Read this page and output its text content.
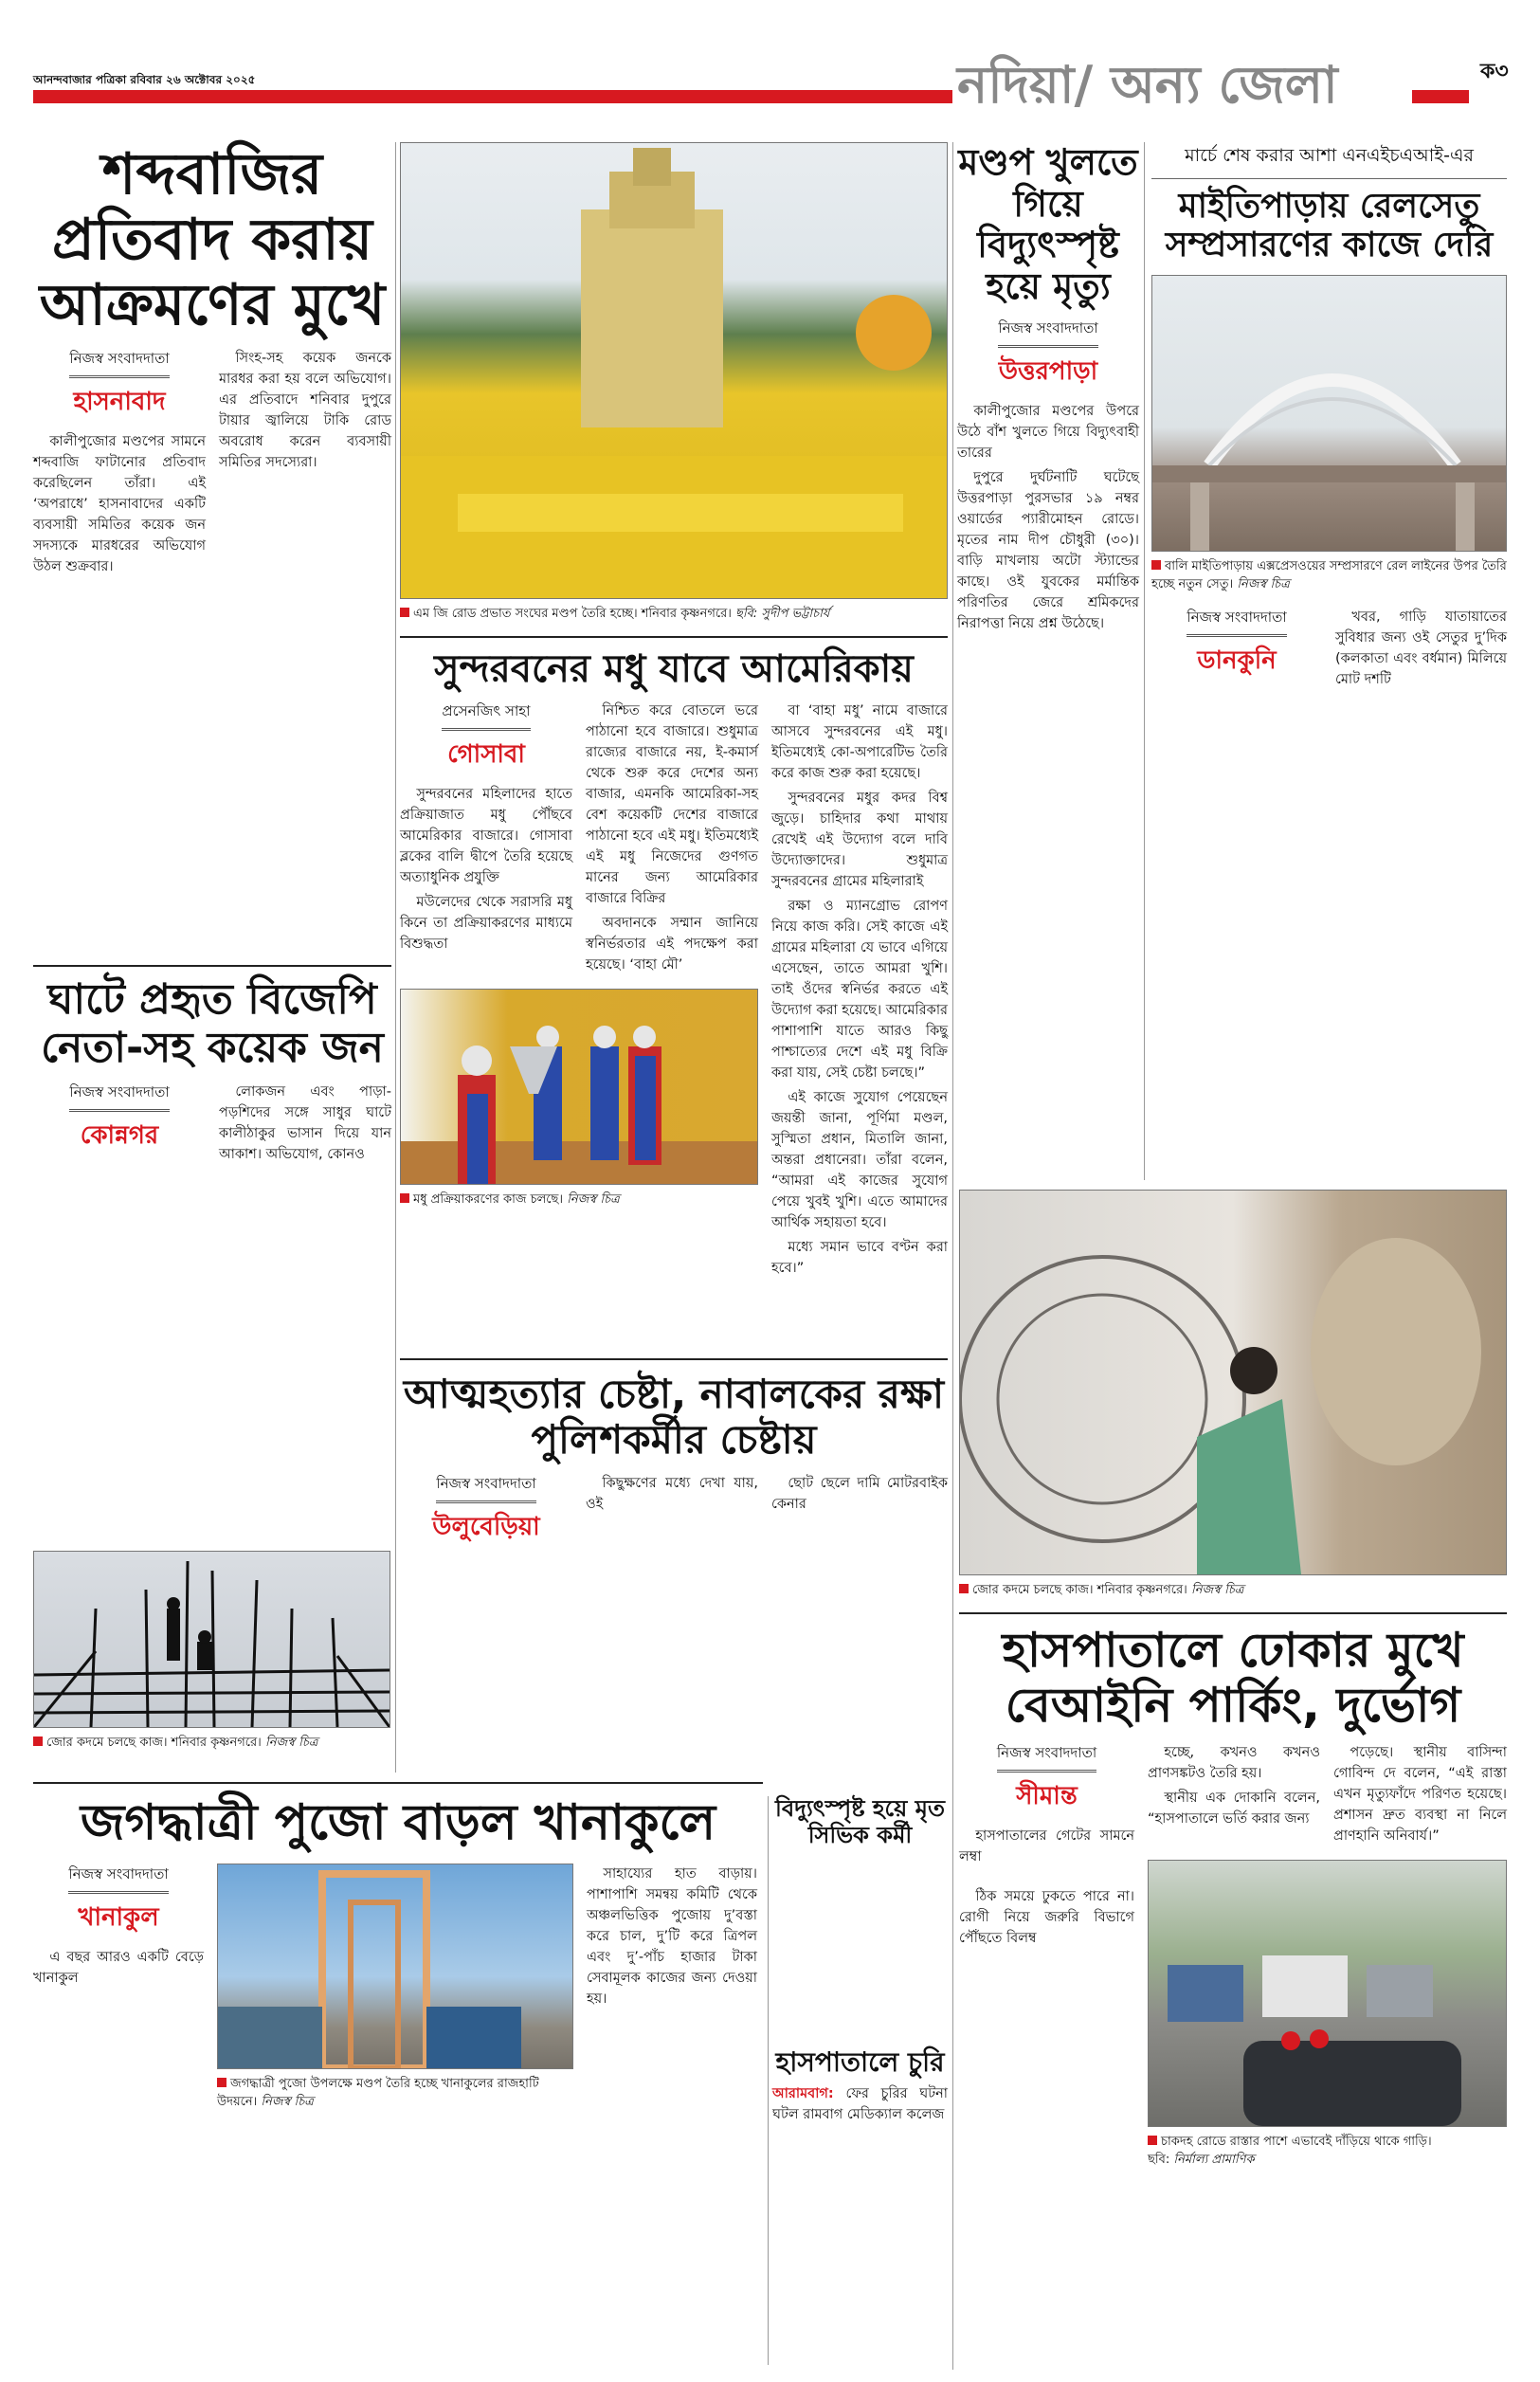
আনন্দবাজার পত্রিকা রবিবার ২৬ অক্টোবর ২০২৫	নদিয়া/ অন্য জেলা	ক৩
শব্দবাজির প্রতিবাদ করায় আক্রমণের মুখে
নিজস্ব সংবাদদাতা
হাসনাবাদ

কালীপুজোর মণ্ডপের সামনে শব্দবাজি ফাটানোর প্রতিবাদ করেছিলেন তাঁরা। এই ‘অপরাধে’ হাসনাবাদের একটি ব্যবসায়ী সমিতির কয়েক জন সদস্যকে মারধরের অভিযোগ উঠল শুক্রবার।

সিংহ-সহ কয়েক জনকে মারধর করা হয় বলে অভিযোগ। এর প্রতিবাদে শনিবার দুপুরে টায়ার জ্বালিয়ে টাকি রোড অবরোধ করেন ব্যবসায়ী সমিতির সদস্যেরা।

ঘাটে প্রহৃত বিজেপি নেতা-সহ কয়েক জন
নিজস্ব সংবাদদাতা
কোন্নগর

লোকজন এবং পাড়া-পড়শিদের সঙ্গে সাধুর ঘাটে কালীঠাকুর ভাসান দিয়ে যান আকাশ। অভিযোগ, কোনও

জোর কদমে চলছে কাজ। শনিবার কৃষ্ণনগরে। নিজস্ব চিত্র
এম জি রোড প্রভাত সংঘের মণ্ডপ তৈরি হচ্ছে। শনিবার কৃষ্ণনগরে। ছবি: সুদীপ ভট্টাচার্য
সুন্দরবনের মধু যাবে আমেরিকায়
প্রসেনজিৎ সাহা
গোসাবা

সুন্দরবনের মহিলাদের হাতে প্রক্রিয়াজাত মধু পৌঁছবে আমেরিকার বাজারে। গোসাবা ব্লকের বালি দ্বীপে তৈরি হয়েছে অত্যাধুনিক প্রযুক্তি

মউলেদের থেকে সরাসরি মধু কিনে তা প্রক্রিয়াকরণের মাধ্যমে বিশুদ্ধতা

নিশ্চিত করে বোতলে ভরে পাঠানো হবে বাজারে। শুধুমাত্র রাজ্যের বাজারে নয়, ই-কমার্স থেকে শুরু করে দেশের অন্য বাজার, এমনকি আমেরিকা-সহ বেশ কয়েকটি দেশের বাজারে পাঠানো হবে এই মধু। ইতিমধ্যেই এই মধু নিজেদের গুণগত মানের জন্য আমেরিকার বাজারে বিক্রির

অবদানকে সম্মান জানিয়ে স্বনির্ভরতার এই পদক্ষেপ করা হয়েছে। ‘বাহা মৌ’

মধু প্রক্রিয়াকরণের কাজ চলছে। নিজস্ব চিত্র

বা ‘বাহা মধু’ নামে বাজারে আসবে সুন্দরবনের এই মধু। ইতিমধ্যেই কো-অপারেটিভ তৈরি করে কাজ শুরু করা হয়েছে।

সুন্দরবনের মধুর কদর বিশ্ব জুড়ে। চাহিদার কথা মাথায় রেখেই এই উদ্যোগ বলে দাবি উদ্যোক্তাদের। শুধুমাত্র সুন্দরবনের গ্রামের মহিলারাই

রক্ষা ও ম্যানগ্রোভ রোপণ নিয়ে কাজ করি। সেই কাজে এই গ্রামের মহিলারা যে ভাবে এগিয়ে এসেছেন, তাতে আমরা খুশি। তাই ওঁদের স্বনির্ভর করতে এই উদ্যোগ করা হয়েছে। আমেরিকার পাশাপাশি যাতে আরও কিছু পাশ্চাত্যের দেশে এই মধু বিক্রি করা যায়, সেই চেষ্টা চলছে।”

এই কাজে সুযোগ পেয়েছেন জয়ন্তী জানা, পূর্ণিমা মণ্ডল, সুস্মিতা প্রধান, মিতালি জানা, অন্তরা প্রধানেরা। তাঁরা বলেন, “আমরা এই কাজের সুযোগ পেয়ে খুবই খুশি। এতে আমাদের আর্থিক সহায়তা হবে।

মধ্যে সমান ভাবে বণ্টন করা হবে।”

আত্মহত্যার চেষ্টা, নাবালকের রক্ষা পুলিশকর্মীর চেষ্টায়
নিজস্ব সংবাদদাতা
উলুবেড়িয়া

কিছুক্ষণের মধ্যে দেখা যায়, ওই

ছোট ছেলে দামি মোটরবাইক কেনার

মণ্ডপ খুলতে গিয়ে বিদ্যুৎস্পৃষ্ট হয়ে মৃত্যু
নিজস্ব সংবাদদাতা
উত্তরপাড়া

কালীপুজোর মণ্ডপের উপরে উঠে বাঁশ খুলতে গিয়ে বিদ্যুৎবাহী তারের

দুপুরে দুর্ঘটনাটি ঘটেছে উত্তরপাড়া পুরসভার ১৯ নম্বর ওয়ার্ডের প্যারীমোহন রোডে। মৃতের নাম দীপ চৌধুরী (৩০)। বাড়ি মাখলায় অটো স্ট্যান্ডের কাছে। ওই যুবকের মর্মান্তিক পরিণতির জেরে শ্রমিকদের নিরাপত্তা নিয়ে প্রশ্ন উঠেছে।

মার্চে শেষ করার আশা এনএইচএআই-এর
মাইতিপাড়ায় রেলসেতু সম্প্রসারণের কাজে দেরি
বালি মাইতিপাড়ায় এক্সপ্রেসওয়ের সম্প্রসারণে রেল লাইনের উপর তৈরি হচ্ছে নতুন সেতু। নিজস্ব চিত্র
নিজস্ব সংবাদদাতা
ডানকুনি

খবর, গাড়ি যাতায়াতের সুবিধার জন্য ওই সেতুর দু’দিক (কলকাতা এবং বর্ধমান) মিলিয়ে মোট দশটি

জোর কদমে চলছে কাজ। শনিবার কৃষ্ণনগরে। নিজস্ব চিত্র
হাসপাতালে ঢোকার মুখে বেআইনি পার্কিং, দুর্ভোগ
নিজস্ব সংবাদদাতা
সীমান্ত

হাসপাতালের গেটের সামনে লম্বা

ঠিক সময়ে ঢুকতে পারে না। রোগী নিয়ে জরুরি বিভাগে পৌঁছতে বিলম্ব

হচ্ছে, কখনও কখনও প্রাণসঙ্কটও তৈরি হয়।

স্থানীয় এক দোকানি বলেন, “হাসপাতালে ভর্তি করার জন্য

পড়েছে। স্থানীয় বাসিন্দা গোবিন্দ দে বলেন, “এই রাস্তা এখন মৃত্যুফাঁদে পরিণত হয়েছে। প্রশাসন দ্রুত ব্যবস্থা না নিলে প্রাণহানি অনিবার্য।”

চাকদহ রোডে রাস্তার পাশে এভাবেই দাঁড়িয়ে থাকে গাড়ি।
ছবি: নির্মাল্য প্রামাণিক
জগদ্ধাত্রী পুজো বাড়ল খানাকুলে
নিজস্ব সংবাদদাতা
খানাকুল

এ বছর আরও একটি বেড়ে খানাকুল

জগদ্ধাত্রী পুজো উপলক্ষে মণ্ডপ তৈরি হচ্ছে খানাকুলের রাজহাটি উদয়নে। নিজস্ব চিত্র

সাহায্যের হাত বাড়ায়। পাশাপাশি সমন্বয় কমিটি থেকে অঞ্চলভিত্তিক পুজোয় দু’বস্তা করে চাল, দু’টি করে ত্রিপল এবং দু’-পাঁচ হাজার টাকা সেবামূলক কাজের জন্য দেওয়া হয়।

বিদ্যুৎস্পৃষ্ট হয়ে মৃত সিভিক কর্মী
হাসপাতালে চুরি
আরামবাগ: ফের চুরির ঘটনা ঘটল রামবাগ মেডিক্যাল কলেজ
